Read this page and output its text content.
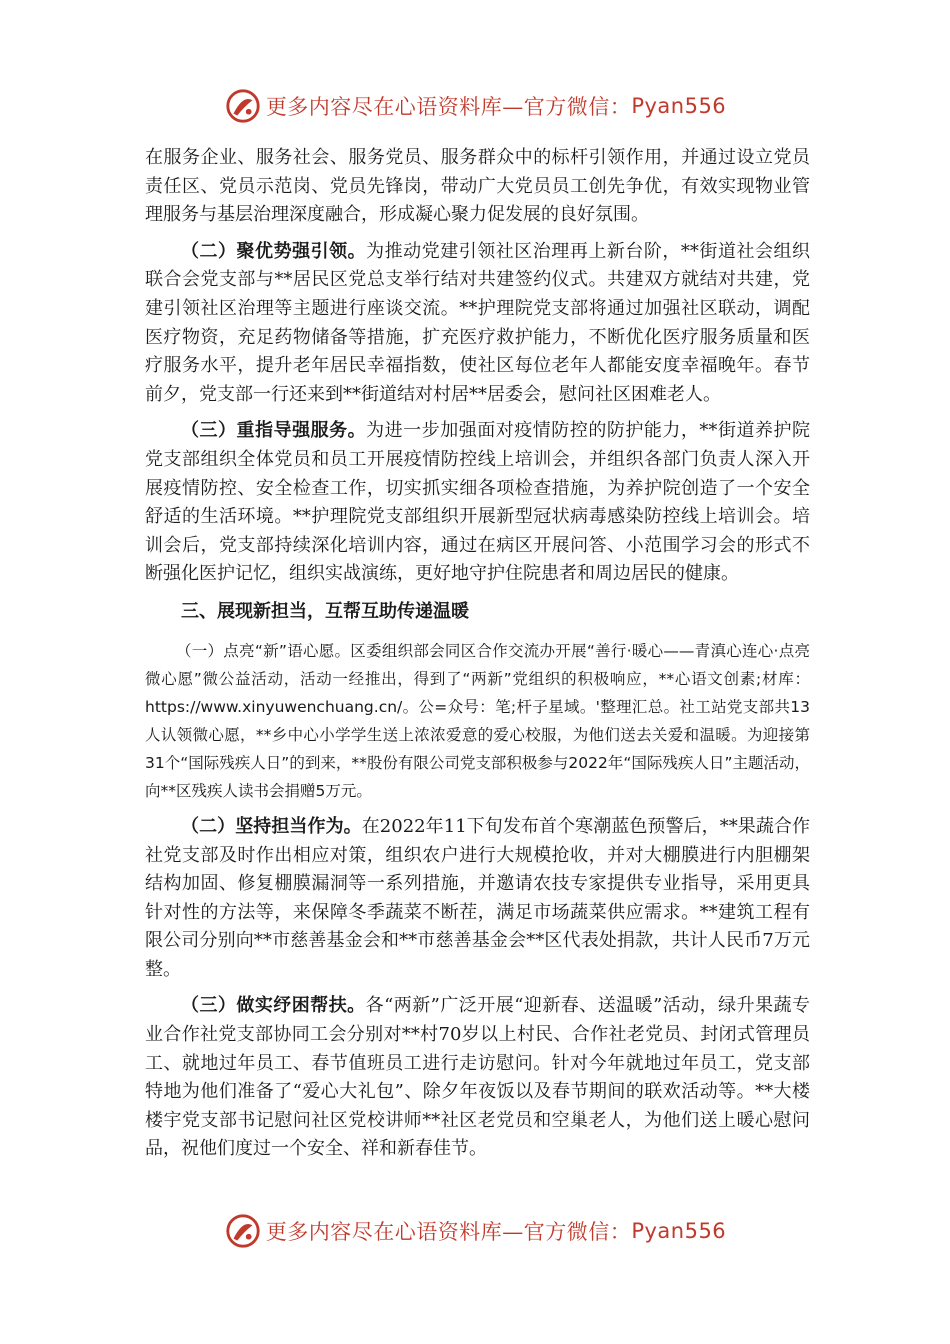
更多内容尽在心语资料库—官方微信： Pyan556

在服务企业、服务社会、服务党员、服务群众中的标杆引领作用，并通过设立党员责任区、党员示范岗、党员先锋岗，带动广大党员员工创先争优，有效实现物业管理服务与基层治理深度融合，形成凝心聚力促发展的良好氛围。

（二）聚优势强引领。为推动党建引领社区治理再上新台阶，**街道社会组织联合会党支部与**居民区党总支举行结对共建签约仪式。共建双方就结对共建，党建引领社区治理等主题进行座谈交流。**护理院党支部将通过加强社区联动，调配医疗物资，充足药物储备等措施，扩充医疗救护能力，不断优化医疗服务质量和医疗服务水平，提升老年居民幸福指数，使社区每位老年人都能安度幸福晚年。春节前夕，党支部一行还来到**街道结对村居**居委会，慰问社区困难老人。

（三）重指导强服务。为进一步加强面对疫情防控的防护能力，**街道养护院党支部组织全体党员和员工开展疫情防控线上培训会，并组织各部门负责人深入开展疫情防控、安全检查工作，切实抓实细各项检查措施，为养护院创造了一个安全舒适的生活环境。**护理院党支部组织开展新型冠状病毒感染防控线上培训会。培训会后，党支部持续深化培训内容，通过在病区开展问答、小范围学习会的形式不断强化医护记忆，组织实战演练，更好地守护住院患者和周边居民的健康。

三、展现新担当，互帮互助传递温暖

（一）点亮“新”语心愿。区委组织部会同区合作交流办开展“善行·暖心——青滇心连心·点亮微心愿”微公益活动，活动一经推出，得到了“两新”党组织的积极响应，**心语文创素;材库：https://www.xinyuwenchuang.cn/。公=众号：笔;杆子星域。'整理汇总。社工站党支部共13人认领微心愿，**乡中心小学学生送上浓浓爱意的爱心校服，为他们送去关爱和温暖。为迎接第31个“国际残疾人日”的到来，**股份有限公司党支部积极参与2022年“国际残疾人日”主题活动，向**区残疾人读书会捐赠5万元。

（二）坚持担当作为。在2022年11下旬发布首个寒潮蓝色预警后，**果蔬合作社党支部及时作出相应对策，组织农户进行大规模抢收，并对大棚膜进行内胆棚架结构加固、修复棚膜漏洞等一系列措施，并邀请农技专家提供专业指导，采用更具针对性的方法等，来保障冬季蔬菜不断茬，满足市场蔬菜供应需求。**建筑工程有限公司分别向**市慈善基金会和**市慈善基金会**区代表处捐款，共计人民币7万元整。

（三）做实纾困帮扶。各“两新”广泛开展“迎新春、送温暖”活动，绿升果蔬专业合作社党支部协同工会分别对**村70岁以上村民、合作社老党员、封闭式管理员工、就地过年员工、春节值班员工进行走访慰问。针对今年就地过年员工，党支部特地为他们准备了“爱心大礼包”、除夕年夜饭以及春节期间的联欢活动等。**大楼楼宇党支部书记慰问社区党校讲师**社区老党员和空巢老人，为他们送上暖心慰问品，祝他们度过一个安全、祥和新春佳节。

更多内容尽在心语资料库—官方微信： Pyan556
